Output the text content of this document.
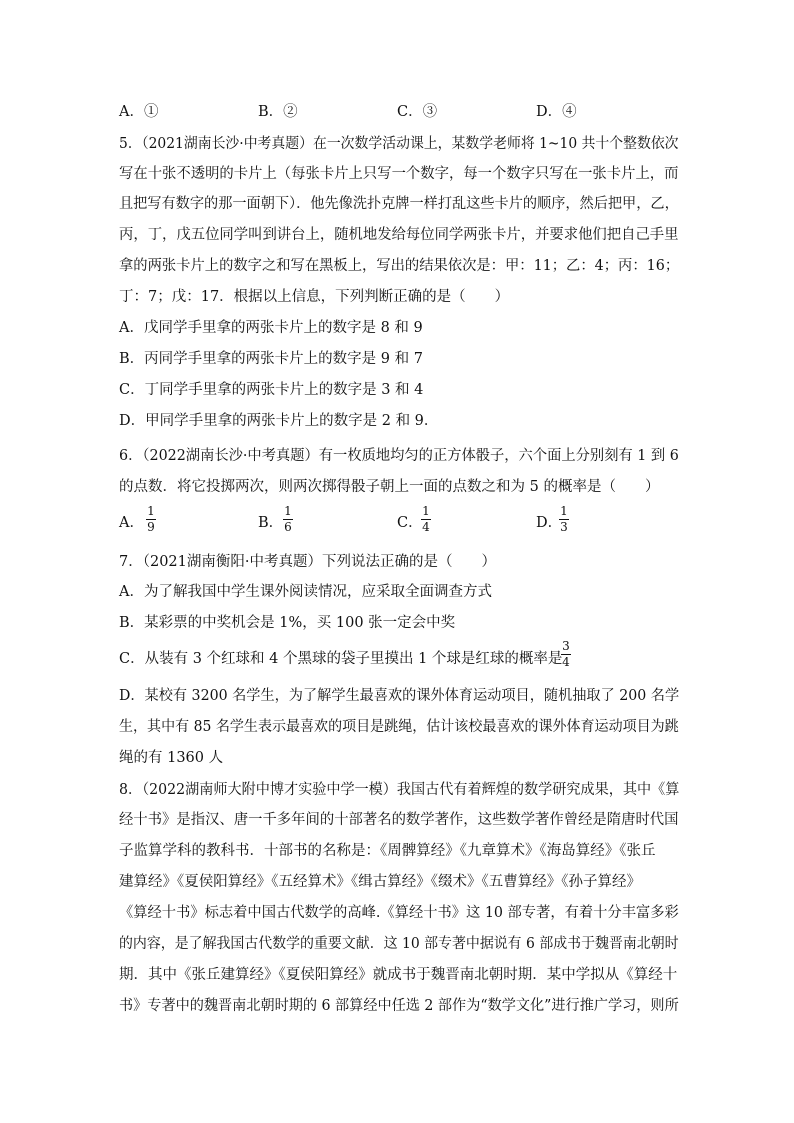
A．①	B．②	C．③	D．④
5．（2021湖南长沙·中考真题）在一次数学活动课上，某数学老师将 1~10 共十个整数依次
写在十张不透明的卡片上（每张卡片上只写一个数字，每一个数字只写在一张卡片上，而
且把写有数字的那一面朝下）．他先像洗扑克牌一样打乱这些卡片的顺序，然后把甲，乙，
丙，丁，戊五位同学叫到讲台上，随机地发给每位同学两张卡片，并要求他们把自己手里
拿的两张卡片上的数字之和写在黑板上，写出的结果依次是：甲：11；乙：4；丙：16；
丁：7；戊：17．根据以上信息，下列判断正确的是（　　）
A．戊同学手里拿的两张卡片上的数字是 8 和 9
B．丙同学手里拿的两张卡片上的数字是 9 和 7
C．丁同学手里拿的两张卡片上的数字是 3 和 4
D．甲同学手里拿的两张卡片上的数字是 2 和 9．
6．（2022湖南长沙·中考真题）有一枚质地均匀的正方体骰子，六个面上分别刻有 1 到 6
的点数．将它投掷两次，则两次掷得骰子朝上一面的点数之和为 5 的概率是（　　）
A．
1
9	B．
1
6	C．
1
4	D．
1
3
7．（2021湖南衡阳·中考真题）下列说法正确的是（　　）
A．为了解我国中学生课外阅读情况，应采取全面调查方式
B．某彩票的中奖机会是 1%，买 100 张一定会中奖
C．从装有 3 个红球和 4 个黑球的袋子里摸出 1 个球是红球的概率是
3
4
D．某校有 3200 名学生，为了解学生最喜欢的课外体育运动项目，随机抽取了 200 名学
生，其中有 85 名学生表示最喜欢的项目是跳绳，估计该校最喜欢的课外体育运动项目为跳
绳的有 1360 人
8．（2022湖南师大附中博才实验中学一模）我国古代有着辉煌的数学研究成果，其中《算
经十书》是指汉、唐一千多年间的十部著名的数学著作，这些数学著作曾经是隋唐时代国
子监算学科的教科书．十部书的名称是：《周髀算经》《九章算术》《海岛算经》《张丘
建算经》《夏侯阳算经》《五经算术》《缉古算经》《缀术》《五曹算经》《孙子算经》
《算经十书》标志着中国古代数学的高峰.《算经十书》这 10 部专著，有着十分丰富多彩
的内容，是了解我国古代数学的重要文献．这 10 部专著中据说有 6 部成书于魏晋南北朝时
期．其中《张丘建算经》《夏侯阳算经》就成书于魏晋南北朝时期．某中学拟从《算经十
书》专著中的魏晋南北朝时期的 6 部算经中任选 2 部作为“数学文化”进行推广学习，则所
